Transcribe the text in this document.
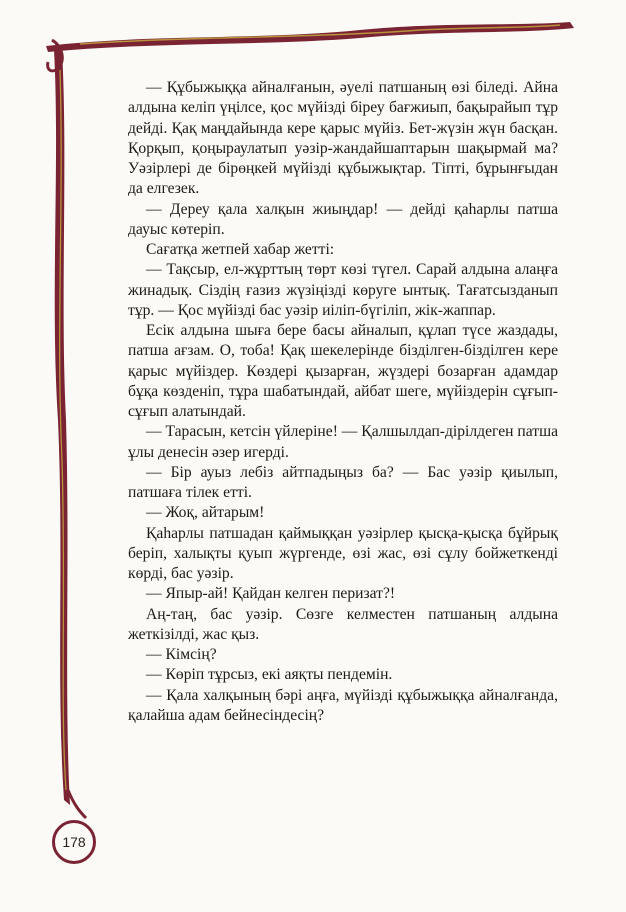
— Құбыжыққа айналғанын, әуелі патшаның өзі біледі. Айна алдына келіп үңілсе, қос мүйізді біреу бағжиып, бақырайып тұр дейді. Қақ маңдайында кере қарыс мүйіз. Бет-жүзін жүн басқан. Қорқып, қоңыраулатып уәзір-жандайшаптарын шақырмай ма? Уәзірлері де бірөңкей мүйізді құбыжықтар. Тіпті, бұрынғыдан да елгезек.

— Дереу қала халқын жиыңдар! — дейді қаһарлы патша дауыс көтеріп.

Сағатқа жетпей хабар жетті:

— Тақсыр, ел-жұрттың төрт көзі түгел. Сарай алдына алаңға жинадық. Сіздің ғазиз жүзіңізді көруге ынтық. Тағатсызданып тұр. — Қос мүйізді бас уәзір иіліп-бүгіліп, жік-жаппар.

Есік алдына шыға бере басы айналып, құлап түсе жаздады, патша ағзам. О, тоба! Қақ шекелерінде бізділген-бізділген кере қарыс мүйіздер. Көздері қызарған, жүздері бозарған адамдар бұқа көзденіп, тұра шабатындай, айбат шеге, мүйіздерін сұғып-сұғып алатындай.

— Тарасын, кетсін үйлеріне! — Қалшылдап-дірілдеген патша ұлы денесін әзер игерді.

— Бір ауыз лебіз айтпадыңыз ба? — Бас уәзір қиылып, патшаға тілек етті.

— Жоқ, айтарым!

Қаһарлы патшадан қаймыққан уәзірлер қысқа-қысқа бұйрық беріп, халықты қуып жүргенде, өзі жас, өзі сұлу бойжеткенді көрді, бас уәзір.

— Япыр-ай! Қайдан келген перизат?!

Аң-таң, бас уәзір. Сөзге келместен патшаның алдына жеткізілді, жас қыз.

— Кімсің?

— Көріп тұрсыз, екі аяқты пендемін.

— Қала халқының бәрі аңға, мүйізді құбыжыққа айналғанда, қалайша адам бейнесіндесің?

178
